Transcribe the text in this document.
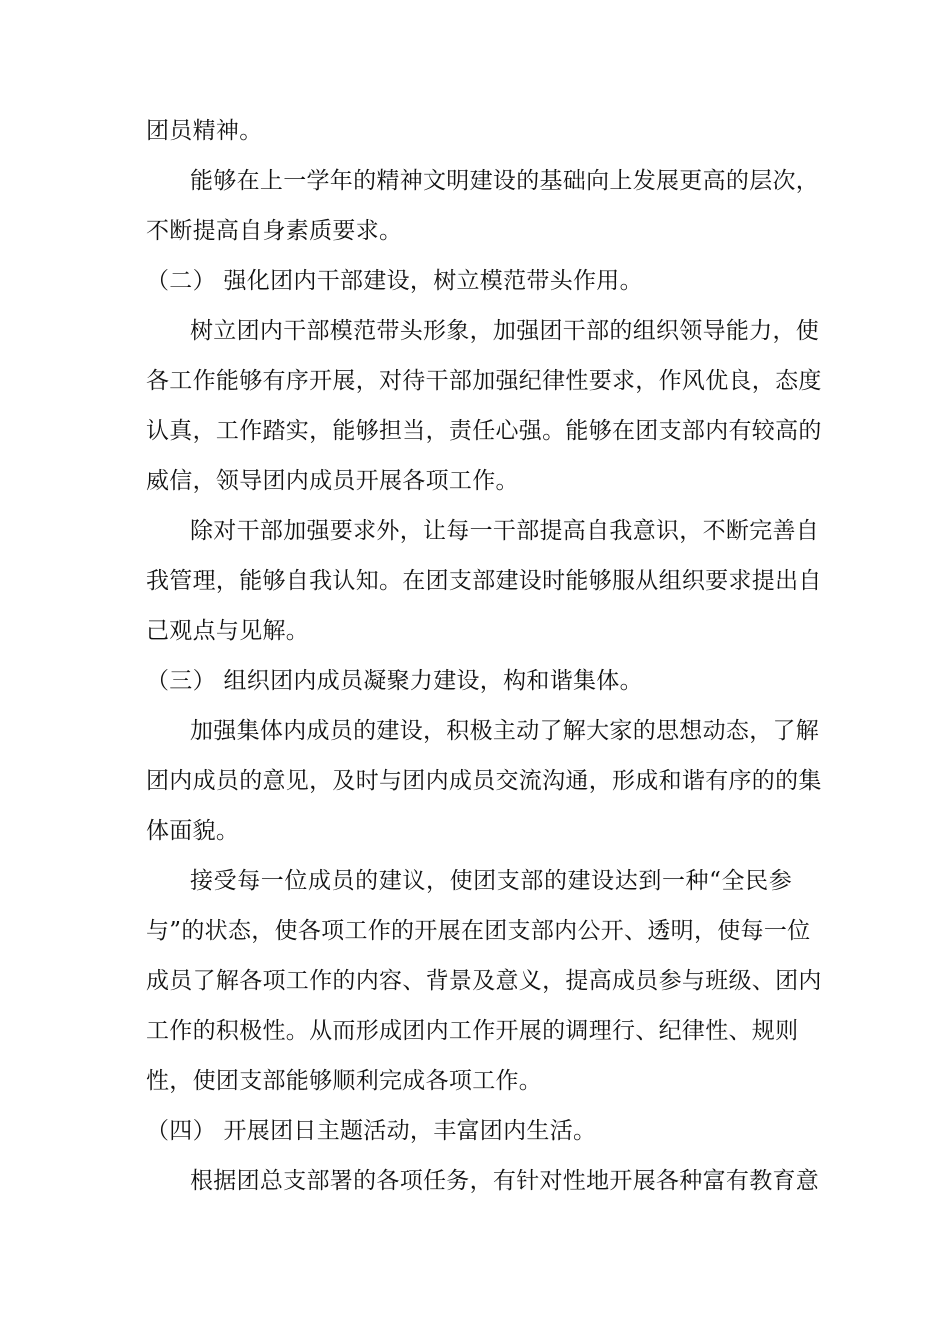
团员精神。
能够在上一学年的精神文明建设的基础向上发展更高的层次，
不断提高自身素质要求。
（二） 强化团内干部建设，树立模范带头作用。
树立团内干部模范带头形象，加强团干部的组织领导能力，使
各工作能够有序开展，对待干部加强纪律性要求，作风优良，态度
认真，工作踏实，能够担当，责任心强。能够在团支部内有较高的
威信，领导团内成员开展各项工作。
除对干部加强要求外，让每一干部提高自我意识，不断完善自
我管理，能够自我认知。在团支部建设时能够服从组织要求提出自
己观点与见解。
（三） 组织团内成员凝聚力建设，构和谐集体。
加强集体内成员的建设，积极主动了解大家的思想动态，了解
团内成员的意见，及时与团内成员交流沟通，形成和谐有序的的集
体面貌。
接受每一位成员的建议，使团支部的建设达到一种“全民参
与”的状态，使各项工作的开展在团支部内公开、透明，使每一位
成员了解各项工作的内容、背景及意义，提高成员参与班级、团内
工作的积极性。从而形成团内工作开展的调理行、纪律性、规则
性，使团支部能够顺利完成各项工作。
（四） 开展团日主题活动，丰富团内生活。
根据团总支部署的各项任务，有针对性地开展各种富有教育意
